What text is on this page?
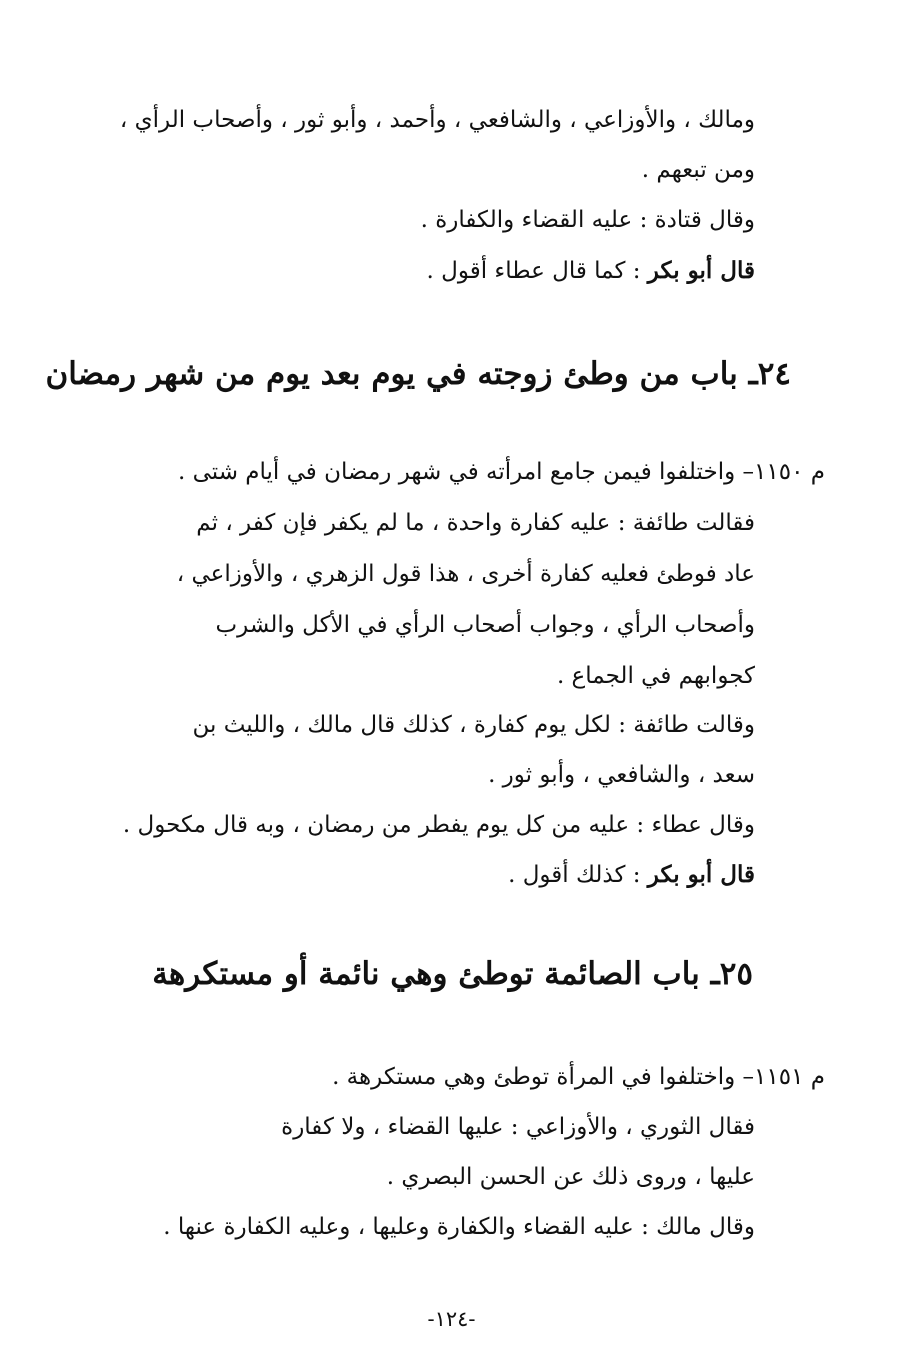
ومالك ، والأوزاعي ، والشافعي ، وأحمد ، وأبو ثور ، وأصحاب الرأي ،
ومن تبعهم .
وقال قتادة : عليه القضاء والكفارة .
قال أبو بكر : كما قال عطاء أقول .
٢٤ـ باب من وطئ زوجته في يوم بعد يوم من شهر رمضان
م ١١٥٠– واختلفوا فيمن جامع امرأته في شهر رمضان في أيام شتى .
فقالت طائفة : عليه كفارة واحدة ، ما لم يكفر فإن كفر ، ثم
عاد فوطئ فعليه كفارة أخرى ، هذا قول الزهري ، والأوزاعي ،
وأصحاب الرأي ، وجواب أصحاب الرأي في الأكل والشرب
كجوابهم في الجماع .
وقالت طائفة : لكل يوم كفارة ، كذلك قال مالك ، والليث بن
سعد ، والشافعي ، وأبو ثور .
وقال عطاء : عليه من كل يوم يفطر من رمضان ، وبه قال مكحول .
قال أبو بكر : كذلك أقول .
٢٥ـ باب الصائمة توطئ وهي نائمة أو مستكرهة
م ١١٥١– واختلفوا في المرأة توطئ وهي مستكرهة .
فقال الثوري ، والأوزاعي : عليها القضاء ، ولا كفارة
عليها ، وروى ذلك عن الحسن البصري .
وقال مالك : عليه القضاء والكفارة وعليها ، وعليه الكفارة عنها .
-١٢٤-
